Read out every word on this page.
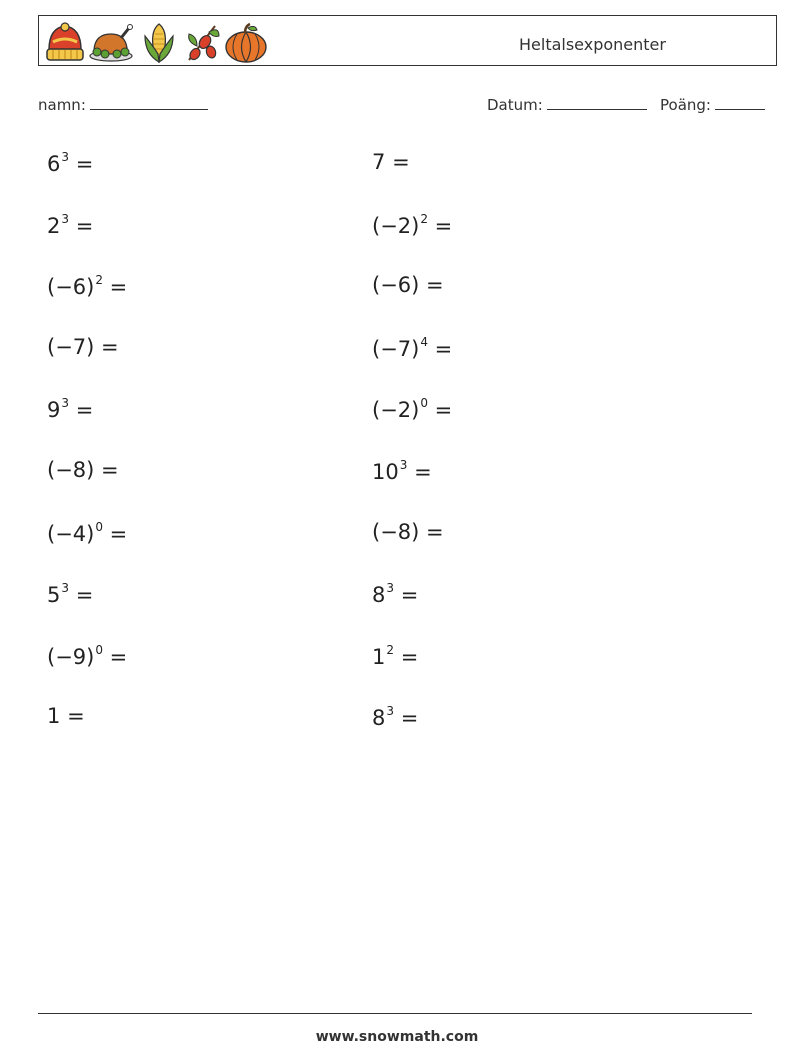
Heltalsexponenter
namn:	Datum:	Poäng:
$6^3$ =	7 =
$2^3$ =	$(-2)^2$ =
$(-6)^2$ =	(−6) =
(−7) =	$(-7)^4$ =
$9^3$ =	$(-2)^0$ =
(−8) =	$10^3$ =
$(-4)^0$ =	(−8) =
$5^3$ =	$8^3$ =
$(-9)^0$ =	$1^2$ =
1 =	$8^3$ =
www.snowmath.com
